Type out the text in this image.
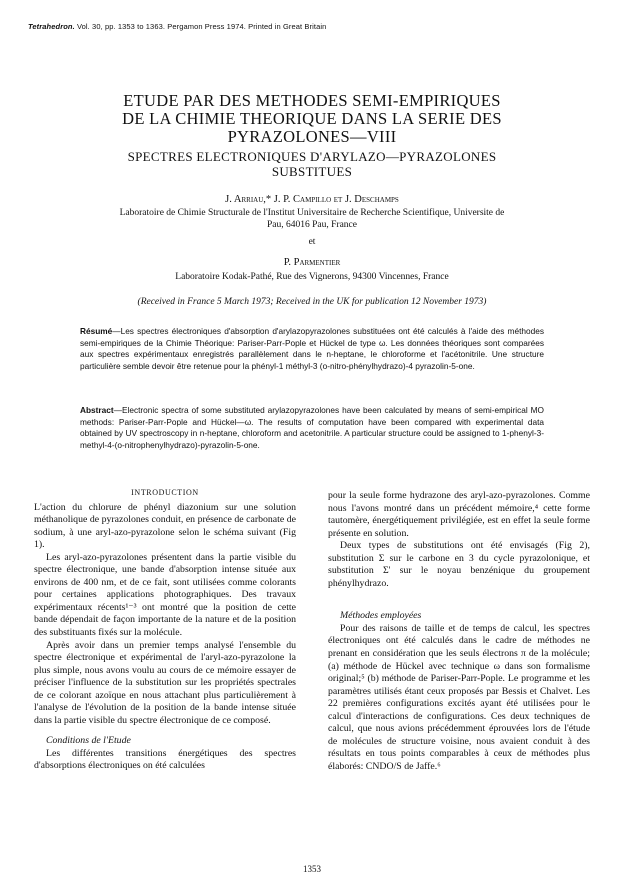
Tetrahedron. Vol. 30, pp. 1353 to 1363. Pergamon Press 1974. Printed in Great Britain
ETUDE PAR DES METHODES SEMI-EMPIRIQUES
DE LA CHIMIE THEORIQUE DANS LA SERIE DES
PYRAZOLONES—VIII
SPECTRES ELECTRONIQUES D'ARYLAZO—PYRAZOLONES
SUBSTITUES
J. Arriau,* J. P. Campillo et J. Deschamps
Laboratoire de Chimie Structurale de l'Institut Universitaire de Recherche Scientifique, Universite de
Pau, 64016 Pau, France
et
P. Parmentier
Laboratoire Kodak-Pathé, Rue des Vignerons, 94300 Vincennes, France
(Received in France 5 March 1973; Received in the UK for publication 12 November 1973)
Résumé—Les spectres électroniques d'absorption d'arylazopyrazolones substituées ont été calculés à l'aide des méthodes semi-empiriques de la Chimie Théorique: Pariser-Parr-Pople et Hückel de type ω. Les données théoriques sont comparées aux spectres expérimentaux enregistrés parallèlement dans le n-heptane, le chloroforme et l'acétonitrile. Une structure particulière semble devoir être retenue pour la phényl-1 méthyl-3 (o-nitro-phénylhydrazo)-4 pyrazolin-5-one.
Abstract—Electronic spectra of some substituted arylazopyrazolones have been calculated by means of semi-empirical MO methods: Pariser-Parr-Pople and Hückel—ω. The results of computation have been compared with experimental data obtained by UV spectroscopy in n-heptane, chloroform and acetonitrile. A particular structure could be assigned to 1-phenyl-3-methyl-4-(o-nitrophenylhydrazo)-pyrazolin-5-one.
INTRODUCTION

L'action du chlorure de phényl diazonium sur une solution méthanolique de pyrazolones conduit, en présence de carbonate de sodium, à une aryl-azo-pyrazolone selon le schéma suivant (Fig 1).

Les aryl-azo-pyrazolones présentent dans la partie visible du spectre électronique, une bande d'absorption intense située aux environs de 400 nm, et de ce fait, sont utilisées comme colorants pour certaines applications photographiques. Des travaux expérimentaux récents¹⁻³ ont montré que la position de cette bande dépendait de façon importante de la nature et de la position des substituants fixés sur la molécule.

Après avoir dans un premier temps analysé l'ensemble du spectre électronique et expérimental de l'aryl-azo-pyrazolone la plus simple, nous avons voulu au cours de ce mémoire essayer de préciser l'influence de la substitution sur les propriétés spectrales de ce colorant azoïque en nous attachant plus particulièrement à l'analyse de l'évolution de la position de la bande intense située dans la partie visible du spectre électronique de ce composé.

Conditions de l'Etude

Les différentes transitions énergétiques des spectres d'absorptions électroniques on été calculées

pour la seule forme hydrazone des aryl-azo-pyrazolones. Comme nous l'avons montré dans un précédent mémoire,⁴ cette forme tautomère, énergétiquement privilégiée, est en effet la seule forme présente en solution.

Deux types de substitutions ont été envisagés (Fig 2), substitution Σ sur le carbone en 3 du cycle pyrazolonique, et substitution Σ' sur le noyau benzénique du groupement phénylhydrazo.

Méthodes employées

Pour des raisons de taille et de temps de calcul, les spectres électroniques ont été calculés dans le cadre de méthodes ne prenant en considération que les seuls électrons π de la molécule; (a) méthode de Hückel avec technique ω dans son formalisme original;⁵ (b) méthode de Pariser-Parr-Pople. Le programme et les paramètres utilisés étant ceux proposés par Bessis et Chalvet. Les 22 premières configurations excités ayant été utilisées pour le calcul d'interactions de configurations. Ces deux techniques de calcul, que nous avions précédemment éprouvées lors de l'étude de molécules de structure voisine, nous avaient conduit à des résultats en tous points comparables à ceux de méthodes plus élaborés: CNDO/S de Jaffe.⁶

1353
